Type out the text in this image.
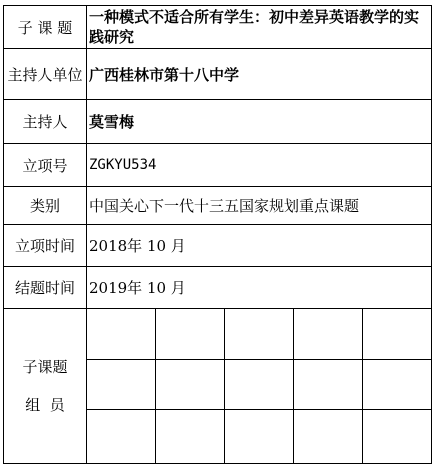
子 课 题	一种模式不适合所有学生：初中差异英语教学的实践研究				
主持人单位	广西桂林市第十八中学				
主持人	莫雪梅				
立项号	ZGKYU534				
类别	中国关心下一代十三五国家规划重点课题				
立项时间	2018年 10 月				
结题时间	2019年 10 月				

子课题
组  员					
